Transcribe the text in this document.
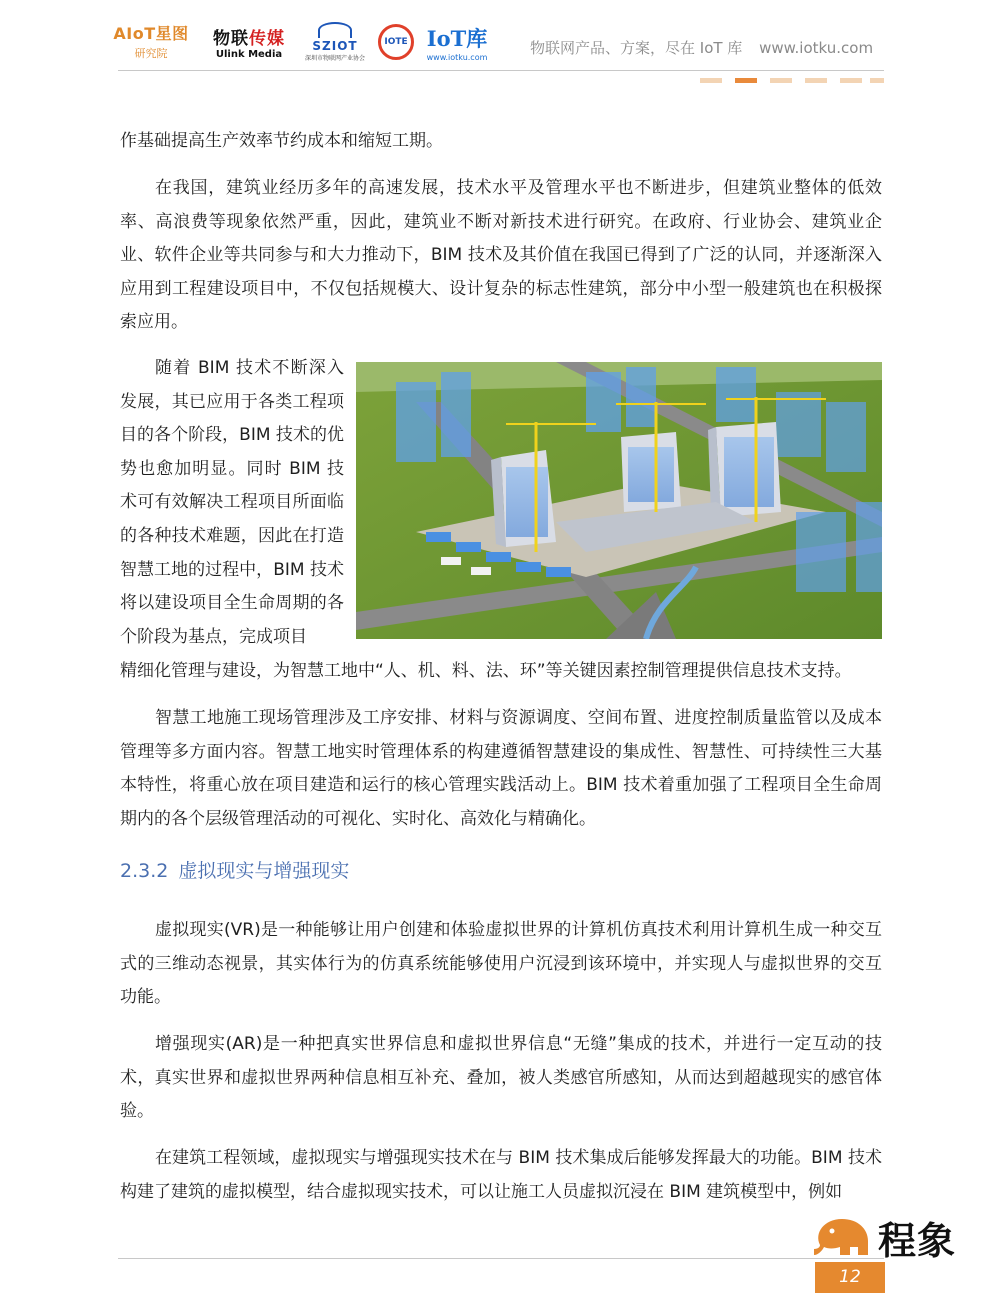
AIoT星图
研究院
物联传媒
Ulink Media
SZIOT
深圳市物联网产业协会
IOTE IoT库
www.iotku.com	物联网产品、方案，尽在 IoT 库 www.iotku.com
作基础提高生产效率节约成本和缩短工期。
在我国，建筑业经历多年的高速发展，技术水平及管理水平也不断进步，但建筑业整体的低效率、高浪费等现象依然严重，因此，建筑业不断对新技术进行研究。在政府、行业协会、建筑业企业、软件企业等共同参与和大力推动下，BIM 技术及其价值在我国已得到了广泛的认同，并逐渐深入应用到工程建设项目中，不仅包括规模大、设计复杂的标志性建筑，部分中小型一般建筑也在积极探索应用。
随着 BIM 技术不断深入发展，其已应用于各类工程项目的各个阶段，BIM 技术的优势也愈加明显。同时 BIM 技术可有效解决工程项目所面临的各种技术难题，因此在打造智慧工地的过程中，BIM 技术将以建设项目全生命周期的各个阶段为基点，完成项目
精细化管理与建设，为智慧工地中“人、机、料、法、环”等关键因素控制管理提供信息技术支持。
智慧工地施工现场管理涉及工序安排、材料与资源调度、空间布置、进度控制质量监管以及成本管理等多方面内容。智慧工地实时管理体系的构建遵循智慧建设的集成性、智慧性、可持续性三大基本特性，将重心放在项目建造和运行的核心管理实践活动上。BIM 技术着重加强了工程项目全生命周期内的各个层级管理活动的可视化、实时化、高效化与精确化。
2.3.2 虚拟现实与增强现实
虚拟现实(VR)是一种能够让用户创建和体验虚拟世界的计算机仿真技术利用计算机生成一种交互式的三维动态视景，其实体行为的仿真系统能够使用户沉浸到该环境中，并实现人与虚拟世界的交互功能。
增强现实(AR)是一种把真实世界信息和虚拟世界信息“无缝”集成的技术，并进行一定互动的技术，真实世界和虚拟世界两种信息相互补充、叠加，被人类感官所感知，从而达到超越现实的感官体验。
在建筑工程领域，虚拟现实与增强现实技术在与 BIM 技术集成后能够发挥最大的功能。BIM 技术构建了建筑的虚拟模型，结合虚拟现实技术，可以让施工人员虚拟沉浸在 BIM 建筑模型中，例如
程象
12
